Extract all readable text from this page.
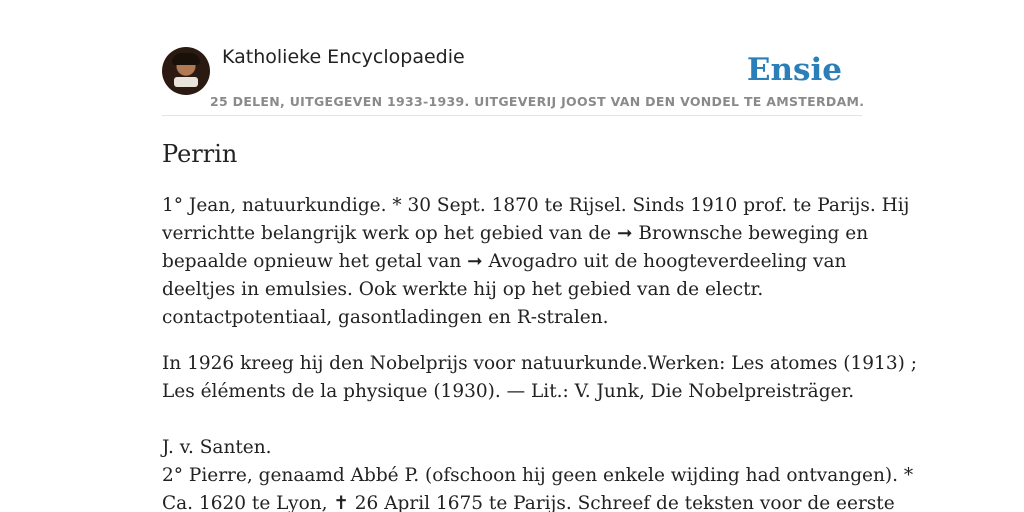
Katholieke Encyclopaedie
25 DELEN, UITGEGEVEN 1933-1939. UITGEVERIJ JOOST VAN DEN VONDEL TE AMSTERDAM.
Ensie
Perrin

1° Jean, natuurkundige. * 30 Sept. 1870 te Rijsel. Sinds 1910 prof. te Parijs. Hij
verrichtte belangrijk werk op het gebied van de ➞ Brownsche beweging en
bepaalde opnieuw het getal van ➞ Avogadro uit de hoogteverdeeling van
deeltjes in emulsies. Ook werkte hij op het gebied van de electr.
contactpotentiaal, gasontladingen en R-stralen.

In 1926 kreeg hij den Nobelprijs voor natuurkunde.Werken: Les atomes (1913) ;
Les éléments de la physique (1930). — Lit.: V. Junk, Die Nobelpreisträger.
J. v. Santen.
2° Pierre, genaamd Abbé P. (ofschoon hij geen enkele wijding had ontvangen). *
Ca. 1620 te Lyon, ✝ 26 April 1675 te Parijs. Schreef de teksten voor de eerste
